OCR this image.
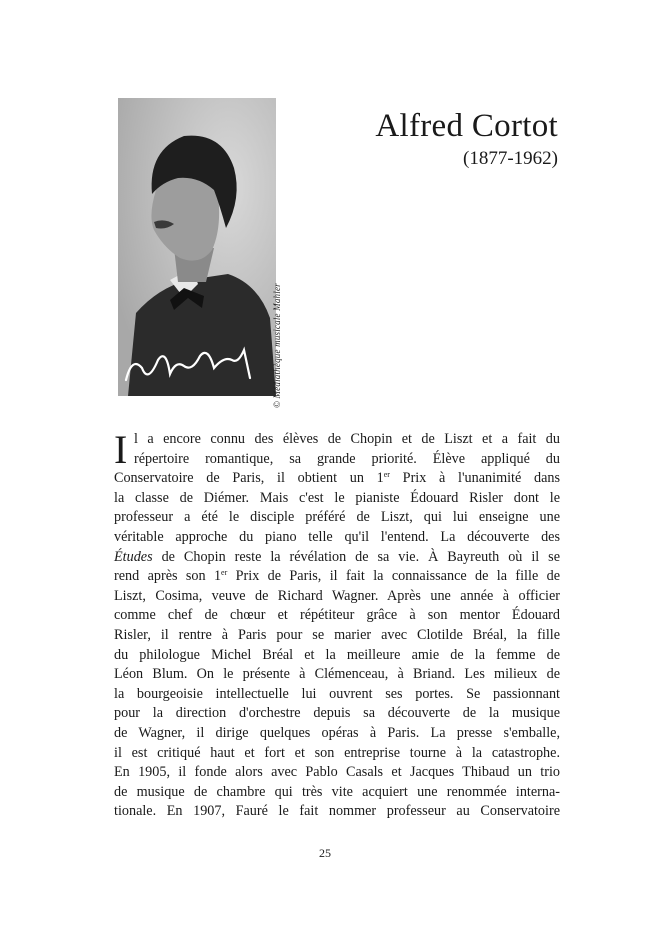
© Médiathèque musicale Mahler
Alfred Cortot
(1877-1962)
I l a encore connu des élèves de Chopin et de Liszt et a fait du
répertoire romantique, sa grande priorité. Élève appliqué du
Conservatoire de Paris, il obtient un 1er Prix à l'unanimité dans
la classe de Diémer. Mais c'est le pianiste Édouard Risler dont le
professeur a été le disciple préféré de Liszt, qui lui enseigne une
véritable approche du piano telle qu'il l'entend. La découverte des
Études de Chopin reste la révélation de sa vie. À Bayreuth où il se
rend après son 1er Prix de Paris, il fait la connaissance de la fille de
Liszt, Cosima, veuve de Richard Wagner. Après une année à officier
comme chef de chœur et répétiteur grâce à son mentor Édouard
Risler, il rentre à Paris pour se marier avec Clotilde Bréal, la fille
du philologue Michel Bréal et la meilleure amie de la femme de
Léon Blum. On le présente à Clémenceau, à Briand. Les milieux de
la bourgeoisie intellectuelle lui ouvrent ses portes. Se passionnant
pour la direction d'orchestre depuis sa découverte de la musique
de Wagner, il dirige quelques opéras à Paris. La presse s'emballe,
il est critiqué haut et fort et son entreprise tourne à la catastrophe.
En 1905, il fonde alors avec Pablo Casals et Jacques Thibaud un trio
de musique de chambre qui très vite acquiert une renommée interna-
tionale. En 1907, Fauré le fait nommer professeur au Conservatoire
25
